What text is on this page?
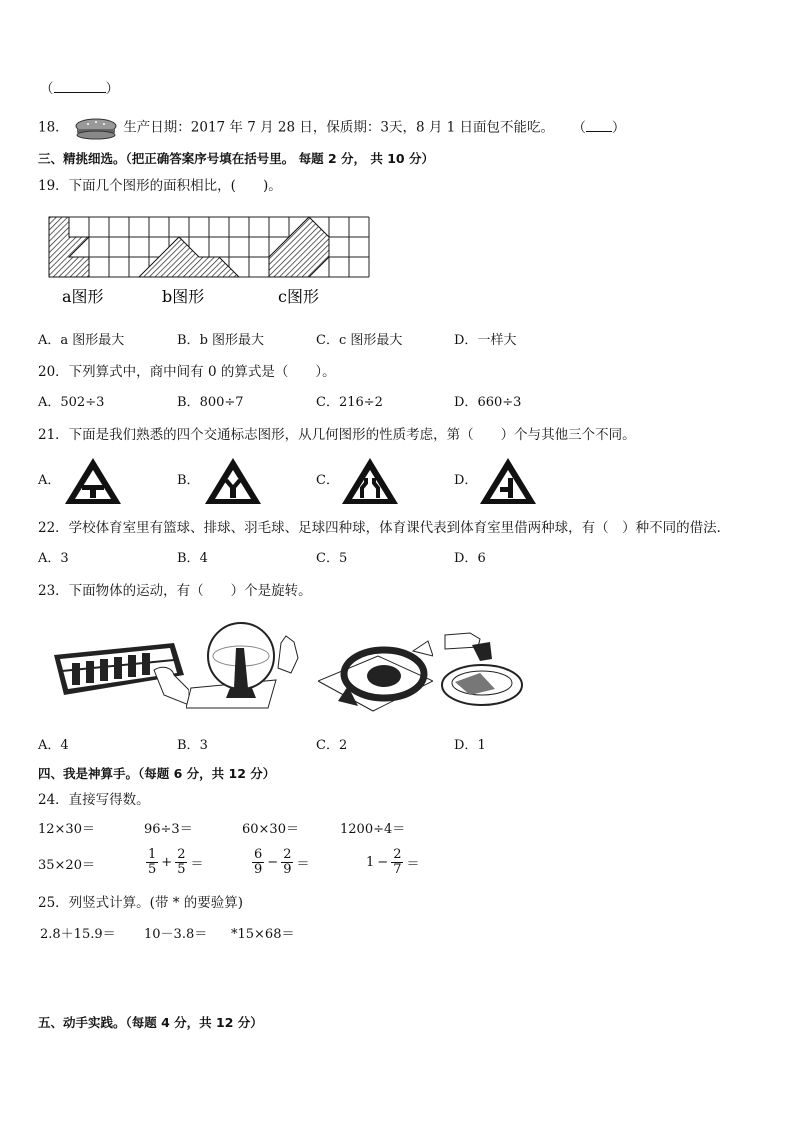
（	）
18．	生产日期：2017 年 7 月 28 日，保质期：3天，8 月 1 日面包不能吃。 （ ）
三、精挑细选。（把正确答案序号填在括号里。 每题 2 分， 共 10 分）
19．下面几个图形的面积相比，(　　)。
a图形	b图形	c图形
A．a 图形最大	B．b 图形最大	C．c 图形最大	D．一样大
20．下列算式中，商中间有 0 的算式是（　　）。
A．502÷3	B．800÷7	C．216÷2	D．660÷3
21．下面是我们熟悉的四个交通标志图形，从几何图形的性质考虑，第（　　）个与其他三个不同。
A．	B．	C．	D．
22．学校体育室里有篮球、排球、羽毛球、足球四种球，体育课代表到体育室里借两种球，有（　）种不同的借法．
A．3	B．4	C．5	D．6
23．下面物体的运动，有（　　）个是旋转。
A．4	B．3	C．2	D．1
四、我是神算手。（每题 6 分，共 12 分）
24．直接写得数。
12×30＝	96÷3＝	60×30＝	1200÷4＝
35×20＝	$\frac{1}{5} + \frac{2}{5}$ ＝	$\frac{6}{9} - \frac{2}{9}$ ＝	$1 - \frac{2}{7}$ ＝
25．列竖式计算。(带 * 的要验算)
2.8＋15.9＝ 10－3.8＝ *15×68＝
五、动手实践。（每题 4 分，共 12 分）
